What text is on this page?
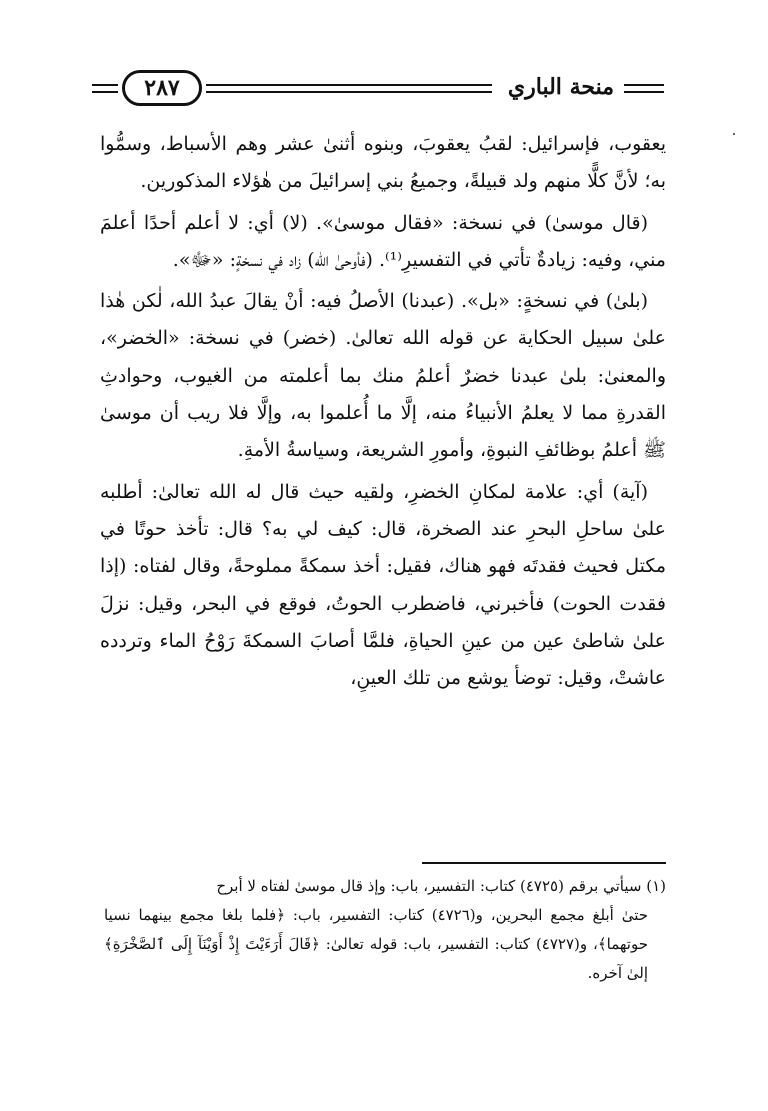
منحة الباري
٢٨٧

يعقوب، فإسرائيل: لقبُ يعقوبَ، وبنوه أثنىٰ عشر وهم الأسباط، وسمُّوا به؛ لأنَّ كلًّا منهم ولد قبيلةً، وجميعُ بني إسرائيلَ من هٰؤلاء المذكورين.

(قال موسىٰ) في نسخة: «فقال موسىٰ». (لا) أي: لا أعلم أحدًا أعلمَ مني، وفيه: زيادةٌ تأتي في التفسيرِ⁽¹⁾. (فأوحىٰ الله) زاد في نسخةٍ: «ﷻ».

(بلىٰ) في نسخةٍ: «بل». (عبدنا) الأصلُ فيه: أنْ يقالَ عبدُ الله، لٰكن هٰذا علىٰ سبيل الحكاية عن قوله الله تعالىٰ. (خضر) في نسخة: «الخضر»، والمعنىٰ: بلىٰ عبدنا خضرٌ أعلمُ منك بما أعلمته من الغيوب، وحوادثِ القدرةِ مما لا يعلمُ الأنبياءُ منه، إلَّا ما أُعلموا به، وإلَّا فلا ريب أن موسىٰ ﷺ أعلمُ بوظائفِ النبوةِ، وأمورِ الشريعة، وسياسةُ الأمةِ.

(آية) أي: علامة لمكانِ الخضرِ، ولقيه حيث قال له الله تعالىٰ: أطلبه علىٰ ساحلِ البحرِ عند الصخرة، قال: كيف لي به؟ قال: تأخذ حوتًا في مكتل فحيث فقدتَه فهو هناك، فقيل: أخذ سمكةً مملوحةً، وقال لفتاه: (إذا فقدت الحوت) فأخبرني، فاضطرب الحوتُ، فوقع في البحر، وقيل: نزلَ علىٰ شاطئ عين من عينِ الحياةِ، فلمَّا أصابَ السمكةَ رَوْحُ الماء وتردده عاشتْ، وقيل: توضأ يوشع من تلك العينِ،

(١) سيأتي برقم (٤٧٢٥) كتاب: التفسير، باب: وإذ قال موسىٰ لفتاه لا أبرح

حتىٰ أبلغ مجمع البحرين، و(٤٧٢٦) كتاب: التفسير، باب: ﴿فلما بلغا مجمع بينهما نسيا حوتهما﴾، و(٤٧٢٧) كتاب: التفسير، باب: قوله تعالىٰ: ﴿قَالَ أَرَءَيْتَ إِذْ أَوَيْنَآ إِلَى ٱلصَّخْرَةِ﴾ إلىٰ آخره.
